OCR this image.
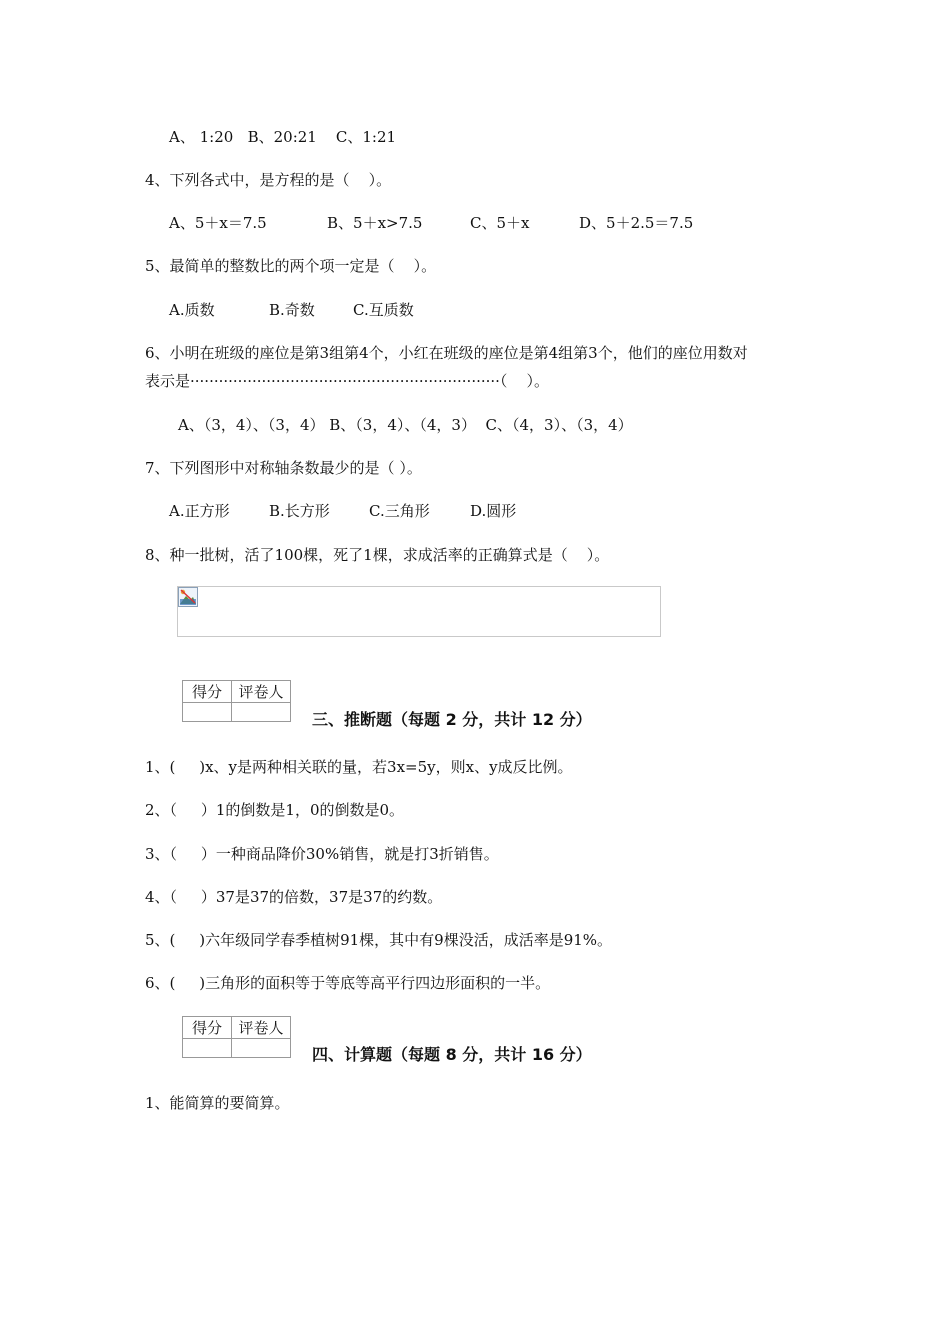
A、 1:20   B、20:21    C、1:21
4、下列各式中，是方程的是（    ）。
A、5＋x＝7.5	B、5＋x>7.5	C、5＋x	D、5＋2.5＝7.5
5、最简单的整数比的两个项一定是（    ）。
A.质数	B.奇数	C.互质数
6、小明在班级的座位是第3组第4个，小红在班级的座位是第4组第3个，他们的座位用数对
表示是·································································（    ）。
A、（3，4）、（3，4） B、（3，4）、（4，3）  C、（4，3）、（3，4）
7、下列图形中对称轴条数最少的是（ ）。
A.正方形	B.长方形	C.三角形	D.圆形
8、种一批树，活了100棵，死了1棵，求成活率的正确算式是（    ）。
得分	评卷人

三、推断题（每题 2 分，共计 12 分）
1、(     )x、y是两种相关联的量，若3x=5y，则x、y成反比例。
2、（     ）1的倒数是1，0的倒数是0。
3、（     ）一种商品降价30%销售，就是打3折销售。
4、（     ）37是37的倍数，37是37的约数。
5、(     )六年级同学春季植树91棵，其中有9棵没活，成活率是91%。
6、(     )三角形的面积等于等底等高平行四边形面积的一半。
得分	评卷人

四、计算题（每题 8 分，共计 16 分）
1、能简算的要简算。
